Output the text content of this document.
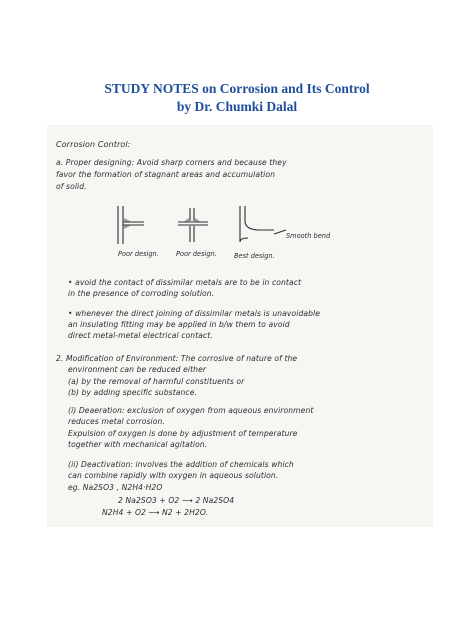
STUDY NOTES on Corrosion and Its Control
by Dr. Chumki Dalal
Corrosion Control:
a. Proper designing: Avoid sharp corners and because they
favor the formation of stagnant areas and accumulation
of solid.
Poor design.	Poor design.	Best design.
Smooth bend
• avoid the contact of dissimilar metals are to be in contact
in the presence of corroding solution.
• whenever the direct joining of dissimilar metals is unavoidable
an insulating fitting may be applied in b/w them to avoid
direct metal-metal electrical contact.
2. Modification of Environment: The corrosive of nature of the
environment can be reduced either
(a) by the removal of harmful constituents or
(b) by adding specific substance.
(i) Deaeration: exclusion of oxygen from aqueous environment
reduces metal corrosion.
Expulsion of oxygen is done by adjustment of temperature
together with mechanical agitation.
(ii) Deactivation: involves the addition of chemicals which
can combine rapidly with oxygen in aqueous solution.
eg. Na2SO3 , N2H4·H2O
2 Na2SO3 + O2 ⟶ 2 Na2SO4
N2H4 + O2 ⟶ N2 + 2H2O.
